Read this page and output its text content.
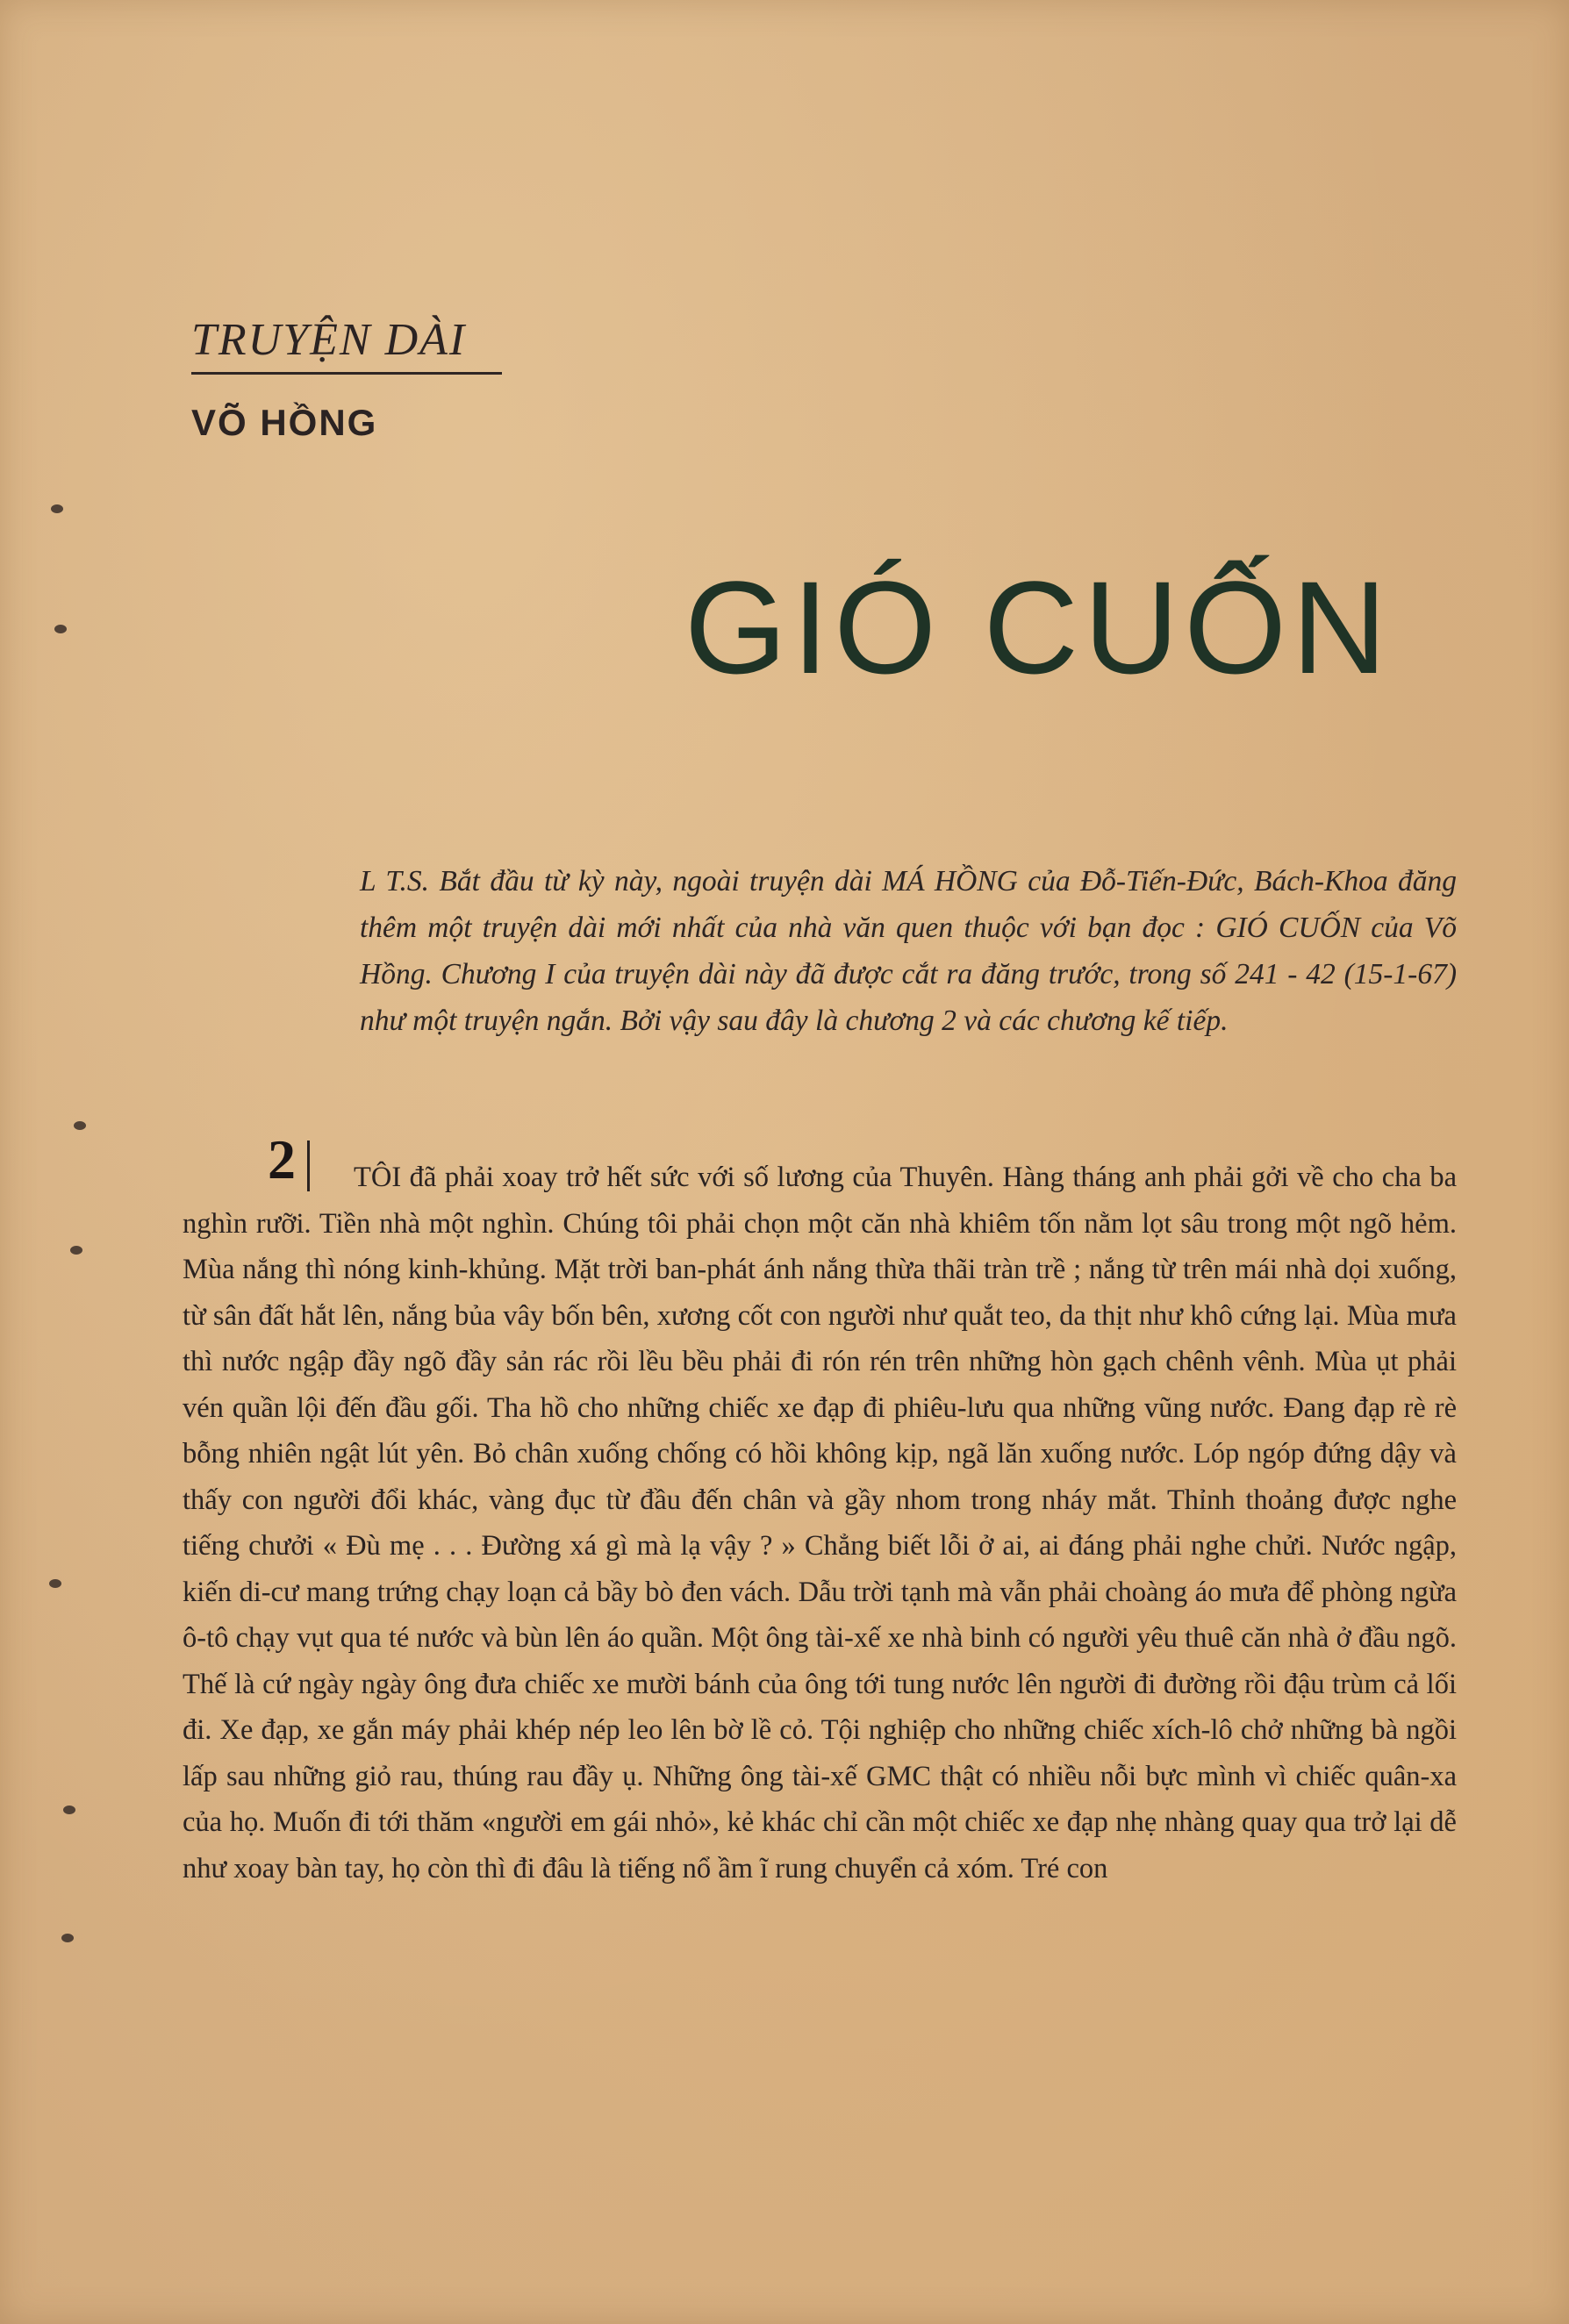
TRUYỆN DÀI
VÕ HỒNG
GIÓ CUỐN
L T.S. Bắt đầu từ kỳ này, ngoài truyện dài MÁ HỒNG của Đỗ-Tiến-Đức, Bách-Khoa đăng thêm một truyện dài mới nhất của nhà văn quen thuộc với bạn đọc : GIÓ CUỐN của Võ Hồng. Chương I của truyện dài này đã được cắt ra đăng trước, trong số 241 - 42 (15-1-67) như một truyện ngắn. Bởi vậy sau đây là chương 2 và các chương kế tiếp.
2	TÔI đã phải xoay trở hết sức với số lương của Thuyên. Hàng tháng anh phải gởi về cho cha ba nghìn rưỡi. Tiền nhà một nghìn. Chúng tôi phải chọn một căn nhà khiêm tốn nằm lọt sâu trong một ngõ hẻm. Mùa nắng thì nóng kinh-khủng. Mặt trời ban-phát ánh nắng thừa thãi tràn trề ; nắng từ trên mái nhà dọi xuống, từ sân đất hắt lên, nắng bủa vây bốn bên, xương cốt con người như quắt teo, da thịt như khô cứng lại. Mùa mưa thì nước ngập đầy ngõ đầy sản rác rồi lều bều phải đi rón rén trên những hòn gạch chênh vênh. Mùa ụt phải vén quần lội đến đầu gối. Tha hồ cho những chiếc xe đạp đi phiêu-lưu qua những vũng nước. Đang đạp rè rè bỗng nhiên ngật lút yên. Bỏ chân xuống chống có hồi không kịp, ngã lăn xuống nước. Lóp ngóp đứng dậy và thấy con người đổi khác, vàng đục từ đầu đến chân và gầy nhom trong nháy mắt. Thỉnh thoảng được nghe tiếng chưởi « Đù mẹ . . . Đường xá gì mà lạ vậy ? » Chẳng biết lỗi ở ai, ai đáng phải nghe chửi. Nước ngập, kiến di-cư mang trứng chạy loạn cả bầy bò đen vách. Dẫu trời tạnh mà vẫn phải choàng áo mưa để phòng ngừa ô-tô chạy vụt qua té nước và bùn lên áo quần. Một ông tài-xế xe nhà binh có người yêu thuê căn nhà ở đầu ngõ. Thế là cứ ngày ngày ông đưa chiếc xe mười bánh của ông tới tung nước lên người đi đường rồi đậu trùm cả lối đi. Xe đạp, xe gắn máy phải khép nép leo lên bờ lề cỏ. Tội nghiệp cho những chiếc xích-lô chở những bà ngồi lấp sau những giỏ rau, thúng rau đầy ụ. Những ông tài-xế GMC thật có nhiều nỗi bực mình vì chiếc quân-xa của họ. Muốn đi tới thăm «người em gái nhỏ», kẻ khác chỉ cần một chiếc xe đạp nhẹ nhàng quay qua trở lại dễ như xoay bàn tay, họ còn thì đi đâu là tiếng nổ ầm ĩ rung chuyển cả xóm. Tré con
